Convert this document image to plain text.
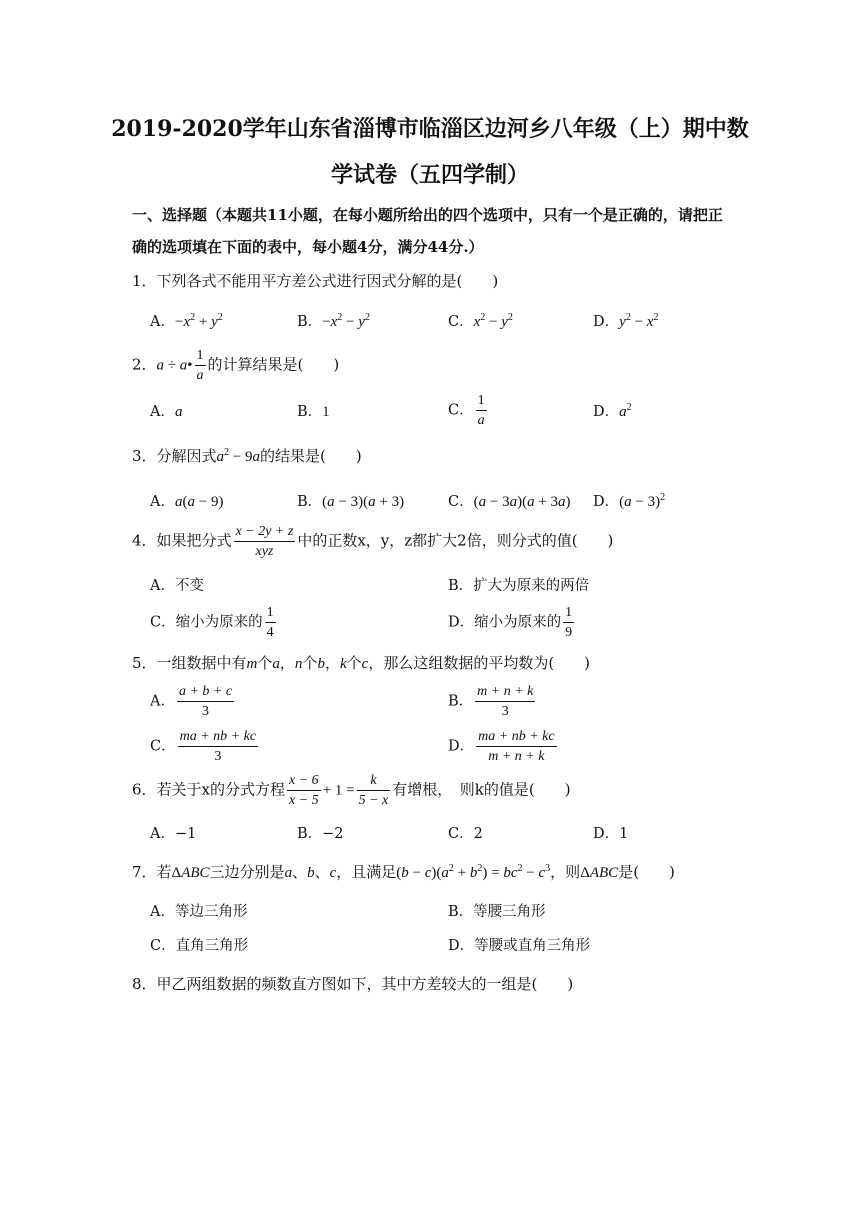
2019-2020学年山东省淄博市临淄区边河乡八年级（上）期中数
学试卷（五四学制）
一、选择题（本题共11小题，在每小题所给出的四个选项中，只有一个是正确的，请把正
确的选项填在下面的表中，每小题4分，满分44分.）
1．下列各式不能用平方差公式进行因式分解的是(　　)
A．$-x^2 + y^2$	B．$-x^2 - y^2$	C．$x^2 - y^2$	D．$y^2 - x^2$
2．a ÷ a• $\frac{1}{a}$ 的计算结果是(　　)
A．a	B．1	C． $\frac{1}{a}$	D．$a^2$
3．分解因式$a^2 - 9a$的结果是(　　)
A．a(a − 9)	B．(a − 3)(a + 3)	C．(a − 3a)(a + 3a) D．$(a - 3)^2$
4．如果把分式 $\frac{x - 2y + z}{\text{xyz}}$ 中的正数x，y，z都扩大2倍，则分式的值(　　)
A．不变	B．扩大为原来的两倍
C．缩小为原来的 $\frac{1}{4}$	D．缩小为原来的 $\frac{1}{9}$
5．一组数据中有m个a，n个b，k个c，那么这组数据的平均数为(　　)
A． $\frac{a + b + c}{3}$	B． $\frac{m + n + k}{3}$
C． $\frac{ma + nb + kc}{3}$	D． $\frac{ma + nb + kc}{m + n + k}$
6．若关于x的分式方程 $\frac{x - 6}{x - 5} + 1 = \frac{k}{5 - x}$ 有增根，　则k的值是(　　)
A．−1	B．−2	C．2	D．1
7．若ΔABC三边分别是a、b、c，且满足$(b - c)(a^2 + b^2) = bc^2 - c^3$，则ΔABC是(　　)
A．等边三角形	B．等腰三角形
C．直角三角形	D．等腰或直角三角形
8．甲乙两组数据的频数直方图如下，其中方差较大的一组是(　　)
